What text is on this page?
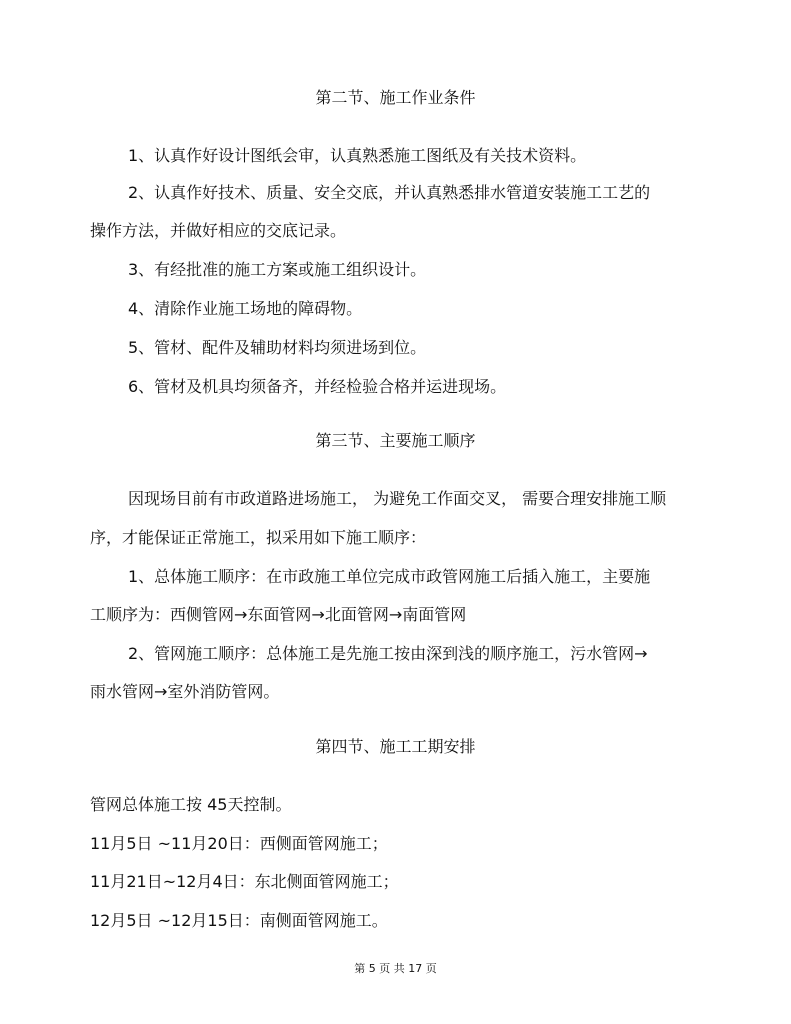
第二节、施工作业条件
1、认真作好设计图纸会审，认真熟悉施工图纸及有关技术资料。
2、认真作好技术、质量、安全交底，并认真熟悉排水管道安装施工工艺的
操作方法，并做好相应的交底记录。
3、有经批准的施工方案或施工组织设计。
4、清除作业施工场地的障碍物。
5、管材、配件及辅助材料均须进场到位。
6、管材及机具均须备齐，并经检验合格并运进现场。
第三节、主要施工顺序
因现场目前有市政道路进场施工， 为避免工作面交叉， 需要合理安排施工顺
序，才能保证正常施工，拟采用如下施工顺序：
1、总体施工顺序：在市政施工单位完成市政管网施工后插入施工，主要施
工顺序为：西侧管网→东面管网→北面管网→南面管网
2、管网施工顺序：总体施工是先施工按由深到浅的顺序施工，污水管网→
雨水管网→室外消防管网。
第四节、施工工期安排
管网总体施工按 45天控制。
11月5日 ~11月20日：西侧面管网施工；
11月21日~12月4日：东北侧面管网施工；
12月5日 ~12月15日：南侧面管网施工。
第 5 页 共 17 页
